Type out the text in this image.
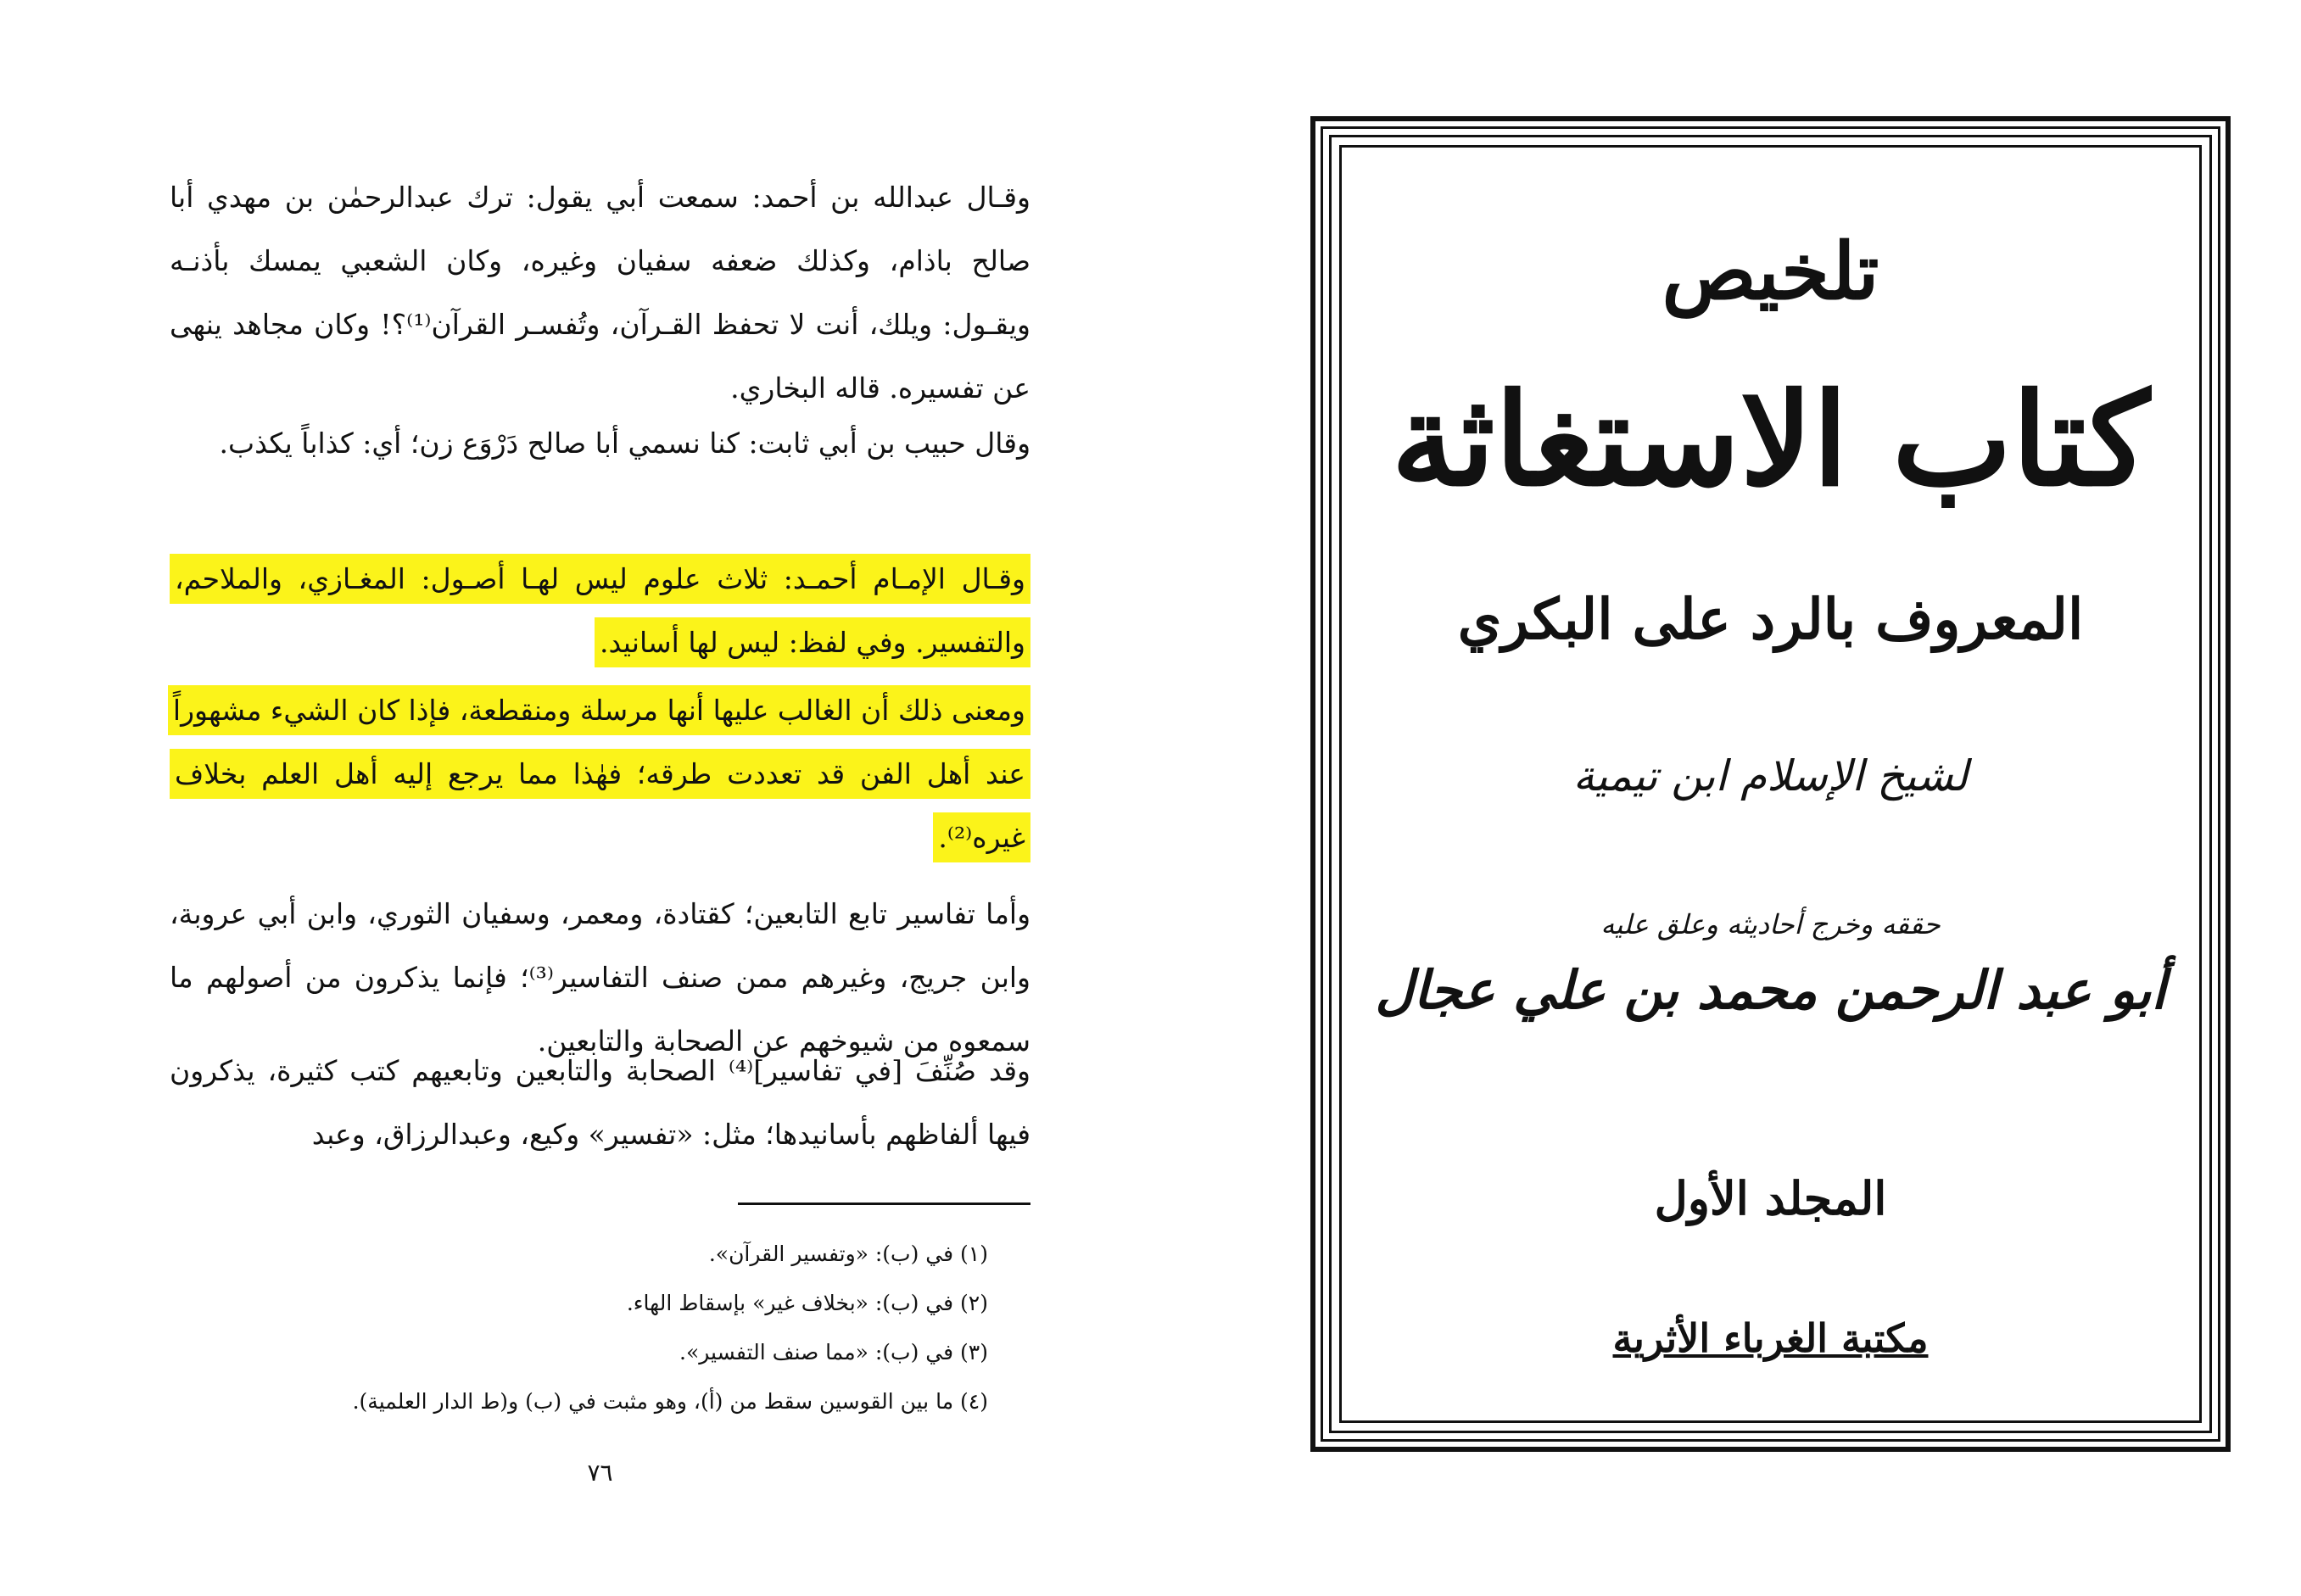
وقـال عبدالله بن أحمد: سمعت أبي يقول: ترك عبدالرحمٰن بن مهدي أبا صالح باذام، وكذلك ضعفه سفيان وغيره، وكان الشعبي يمسك بأذنـه ويقـول: ويلك، أنت لا تحفظ القـرآن، وتُفسـر القرآن⁽¹⁾؟! وكان مجاهد ينهى عن تفسيره. قاله البخاري.

وقال حبيب بن أبي ثابت: كنا نسمي أبا صالح دَرْوَع زن؛ أي: كذاباً يكذب.

وقـال الإمـام أحمـد: ثلاث علوم ليس لهـا أصـول: المغـازي، والملاحم، والتفسير. وفي لفظ: ليس لها أسانيد.

ومعنى ذلك أن الغالب عليها أنها مرسلة ومنقطعة، فإذا كان الشيء مشهوراً عند أهل الفن قد تعددت طرقه؛ فهٰذا مما يرجع إليه أهل العلم بخلاف غيره⁽²⁾.

وأما تفاسير تابع التابعين؛ كقتادة، ومعمر، وسفيان الثوري، وابن أبي عروبة، وابن جريج، وغيرهم ممن صنف التفاسير⁽³⁾؛ فإنما يذكرون من أصولهم ما سمعوه من شيوخهم عن الصحابة والتابعين.

وقد صُنِّفَ [في تفاسير]⁽⁴⁾ الصحابة والتابعين وتابعيهم كتب كثيرة، يذكرون فيها ألفاظهم بأسانيدها؛ مثل: «تفسير» وكيع، وعبدالرزاق، وعبد

(١) في (ب): «وتفسير القرآن».
(٢) في (ب): «بخلاف غير» بإسقاط الهاء.
(٣) في (ب): «مما صنف التفسير».
(٤) ما بين القوسين سقط من (أ)، وهو مثبت في (ب) و(ط الدار العلمية).
٧٦

تلخيص

كتاب الاستغاثة

المعروف بالرد على البكري

لشيخ الإسلام ابن تيمية

حققه وخرج أحاديثه وعلق عليه

أبو عبد الرحمن محمد بن علي عجال

المجلد الأول

مكتبة الغرباء الأثرية
